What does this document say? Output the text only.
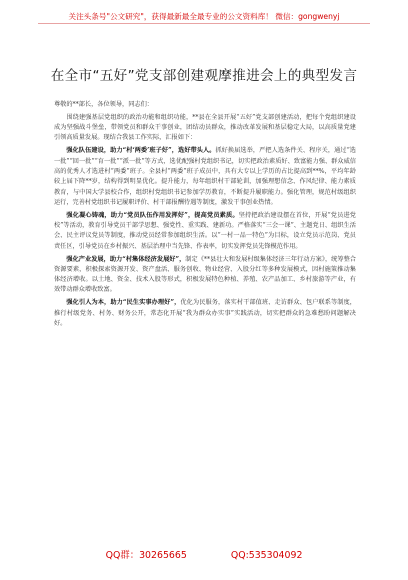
关注头条号"公文研究"，获得最新最全最专业的公文资料库！ 微信：gongwenyj
在全市“五好”党支部创建观摩推进会上的典型发言

尊敬的**部长，各位领导，同志们：

围绕建强基层党组织的政治功能和组织功能，**县在全县开展“五好”党支部创建活动，把每个党组织建设成为坚强战斗堡垒，带领党员和群众干事创业，团结动员群众，推动改革发展和基层稳定大局，以高质量党建引领高质量发展。现结合我县工作实际，汇报如下：

强化队伍建设，助力“村‘两委’班子好”，选好带头人。抓好换届选举，严把人选条件关、程序关，通过“选一批”“回一批”“育一批”“派一批”等方式，选优配强村党组织书记，切实把政治素质好、致富能力强、群众威信高的优秀人才选进村“两委”班子。全县村“两委”班子成员中，具有大专以上学历的占比提高到**%，平均年龄较上届下降**岁，结构得到明显优化。提升能力，每年组织村干部轮训，加强理想信念、作风纪律、能力素质教育，与中国大学县校合作，组织村党组织书记参加学历教育，不断提升履职能力。强化管理，规范村级组织运行，完善村党组织书记履职评价、村干部报酬待遇等制度，激发干事创业热情。

强化凝心铸魂，助力“党员队伍作用发挥好”，提高党员素质。坚持把政治建设摆在首位，开展“党员进党校”等活动，教育引导党员干部学思想、强党性、重实践、建新功。严格落实“三会一课”、主题党日、组织生活会、民主评议党员等制度，推动党员经常参加组织生活。以“一村一品一特色”为目标，设立党员示范岗、党员责任区，引导党员在乡村振兴、基层治理中当先锋、作表率，切实发挥党员先锋模范作用。

强化产业发展，助力“村集体经济发展好”，制定《**县壮大和发展村级集体经济三年行动方案》，统筹整合资源要素，积极探索资源开发、资产盘活、服务创收、物业经营、入股分红等多种发展模式，因村施策推动集体经济增收。以土地、资金、技术入股等形式，积极发展特色种植、养殖、农产品加工、乡村旅游等产业，有效带动群众增收致富。

强化引人为本，助力“民生实事办理好”，优化为民服务，落实村干部值班、走访群众、包户联系等制度，推行村级党务、村务、财务公开，常态化开展“我为群众办实事”实践活动，切实把群众的急难愁盼问题解决好。

QQ群：30265665	QQ:535304092
